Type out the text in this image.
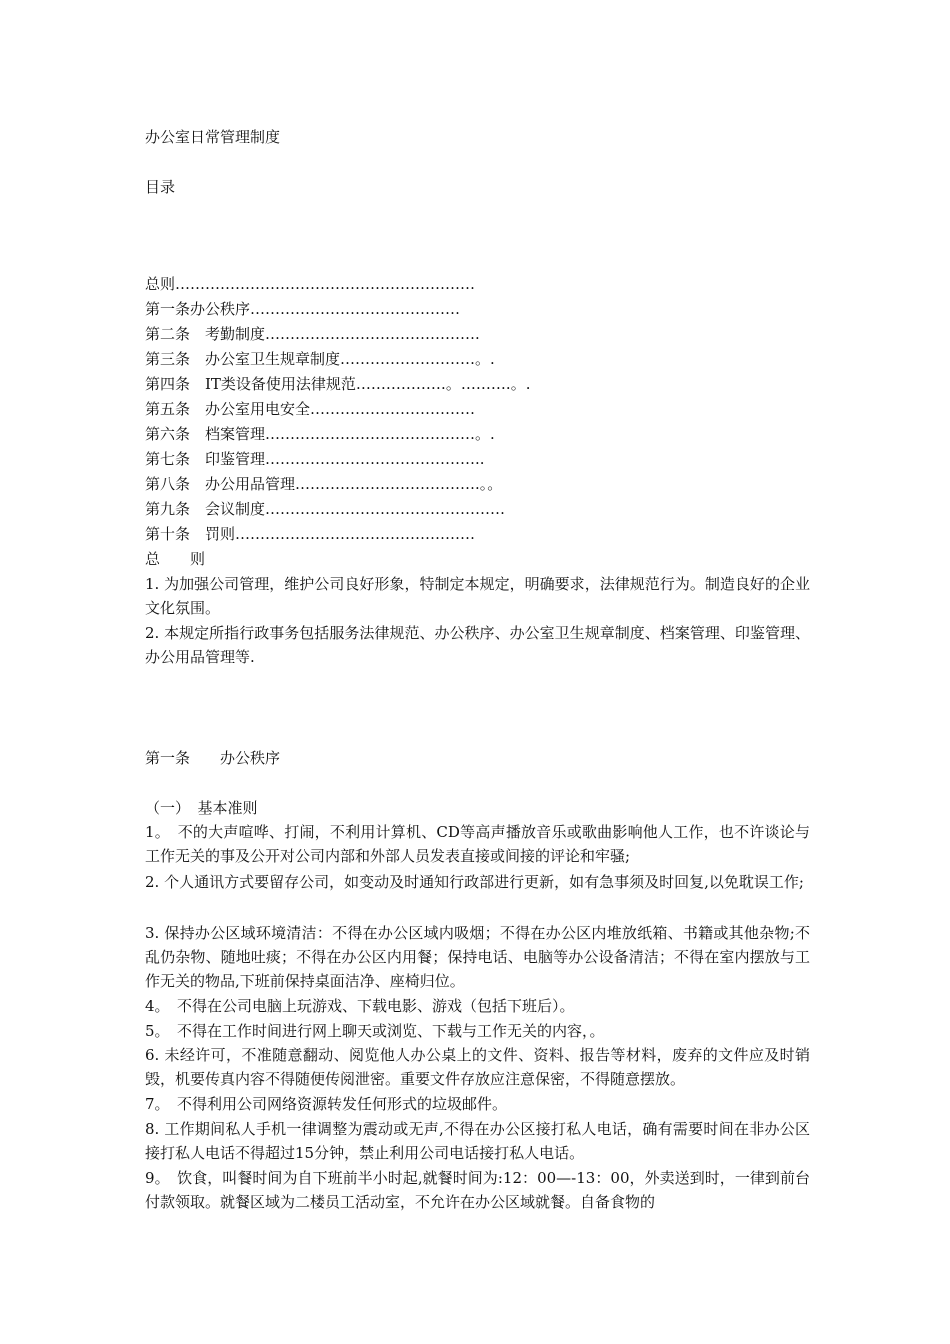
办公室日常管理制度
目录
总则……………………………………………………
第一条办公秩序……………………………………
第二条　考勤制度…………………………………….
第三条　办公室卫生规章制度………………………。.
第四条　IT类设备使用法律规范………………。……….。.
第五条　办公室用电安全……………………………
第六条　档案管理……………………………………。.
第七条　印鉴管理……………………………………..
第八条　办公用品管理……………………………….。。
第九条　会议制度…………………………………………
第十条　罚则…………………………………………
总　　则
1. 为加强公司管理，维护公司良好形象，特制定本规定，明确要求，法律规范行为。制造良好的企业文化氛围。
2. 本规定所指行政事务包括服务法律规范、办公秩序、办公室卫生规章制度、档案管理、印鉴管理、办公用品管理等.
第一条　　办公秩序
（一）　基本准则
1。　不的大声喧哗、打闹，不利用计算机、CD等高声播放音乐或歌曲影响他人工作，也不许谈论与工作无关的事及公开对公司内部和外部人员发表直接或间接的评论和牢骚;
2. 个人通讯方式要留存公司，如变动及时通知行政部进行更新，如有急事须及时回复,以免耽误工作;
3. 保持办公区域环境清洁：不得在办公区域内吸烟；不得在办公区内堆放纸箱、书籍或其他杂物;不乱仍杂物、随地吐痰；不得在办公区内用餐；保持电话、电脑等办公设备清洁；不得在室内摆放与工作无关的物品,下班前保持桌面洁净、座椅归位。
4。　不得在公司电脑上玩游戏、下载电影、游戏（包括下班后）。
5。　不得在工作时间进行网上聊天或浏览、下载与工作无关的内容，。
6. 未经许可，不准随意翻动、阅览他人办公桌上的文件、资料、报告等材料，废弃的文件应及时销毁，机要传真内容不得随便传阅泄密。重要文件存放应注意保密，不得随意摆放。
7。　不得利用公司网络资源转发任何形式的垃圾邮件。
8. 工作期间私人手机一律调整为震动或无声,不得在办公区接打私人电话，确有需要时间在非办公区接打私人电话不得超过15分钟，禁止利用公司电话接打私人电话。
9。　饮食，叫餐时间为自下班前半小时起,就餐时间为:12：00—-13：00，外卖送到时，一律到前台付款领取。就餐区域为二楼员工活动室，不允许在办公区域就餐。自备食物的
